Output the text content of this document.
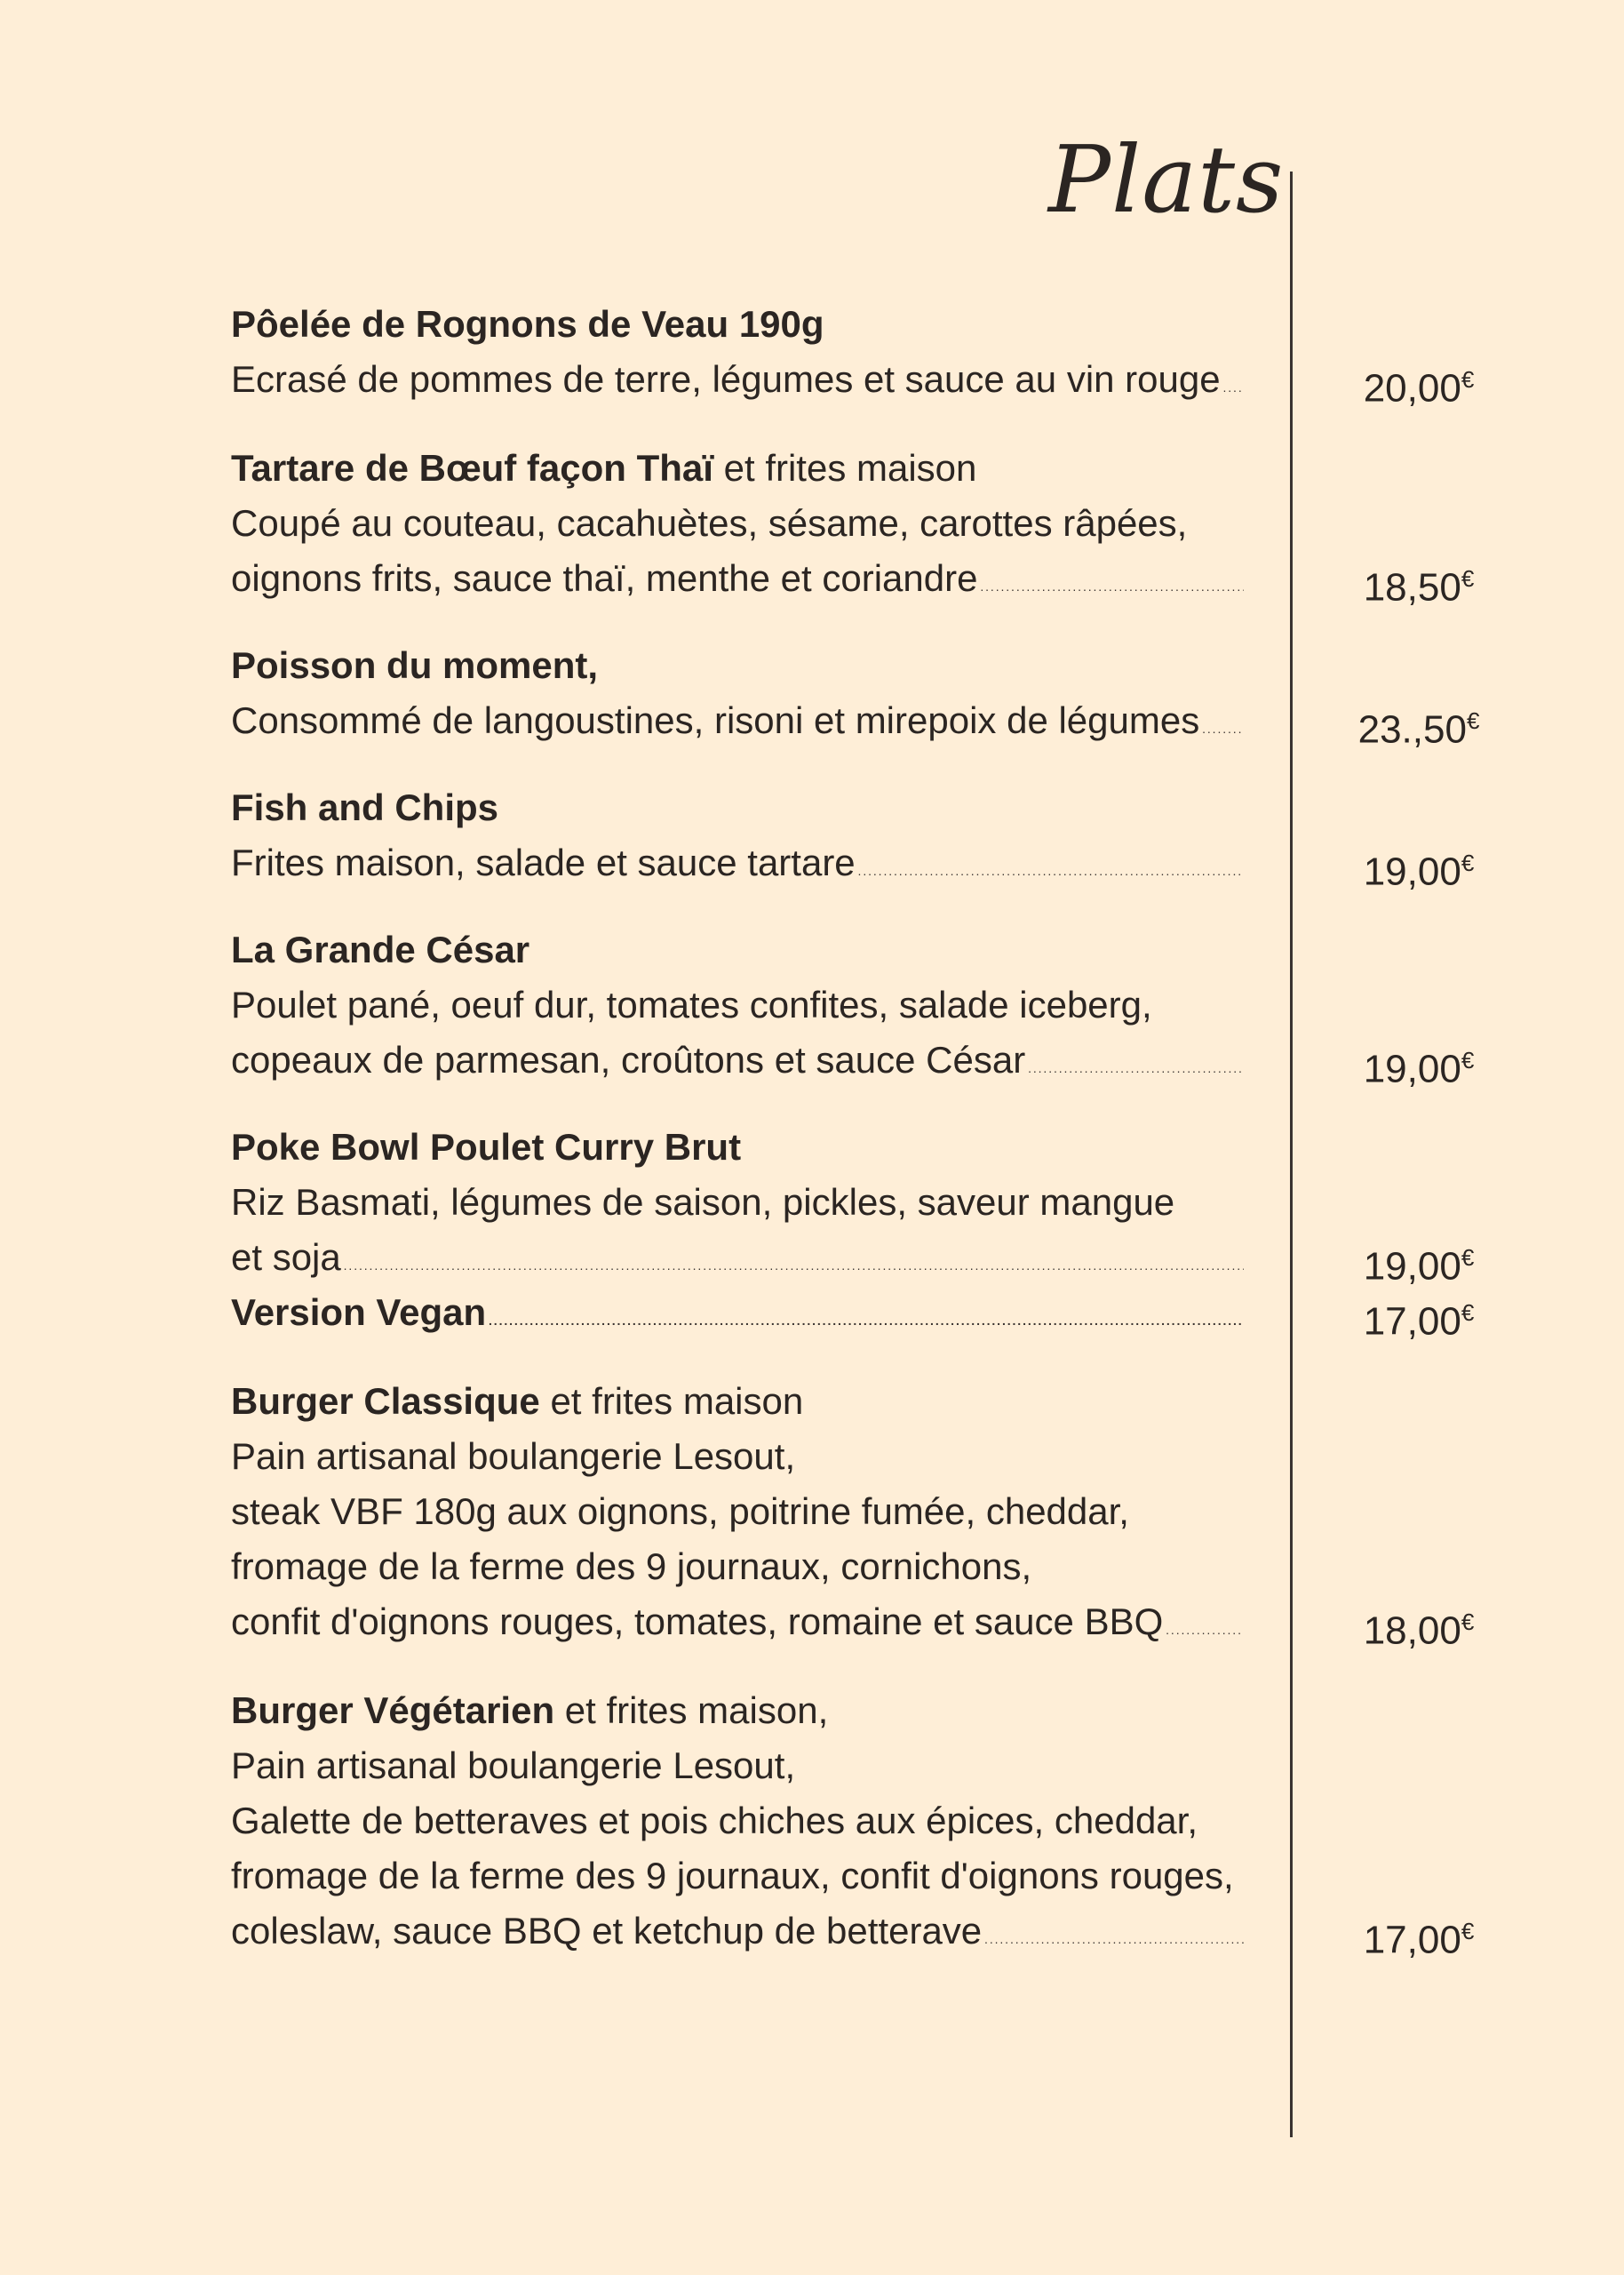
Plats
Pôelée de Rognons de Veau 190g
Ecrasé de pommes de terre, légumes et sauce au vin rouge . . .	20,00€
Tartare de Bœuf façon Thaï et frites maison
Coupé au couteau, cacahuètes, sésame, carottes râpées,
oignons frits, sauce thaï, menthe et coriandre . . .	18,50€
Poisson du moment,
Consommé de langoustines, risoni et mirepoix de légumes . . .	23.,50€
Fish and Chips
Frites maison, salade et sauce tartare . . .	19,00€
La Grande César
Poulet pané, oeuf dur, tomates confites, salade iceberg,
copeaux de parmesan, croûtons et sauce César . . .	19,00€
Poke Bowl Poulet Curry Brut
Riz Basmati, légumes de saison, pickles, saveur mangue
et soja . . .	19,00€
Version Vegan . . .	17,00€
Burger Classique et frites maison
Pain artisanal boulangerie Lesout,
steak VBF 180g aux oignons, poitrine fumée, cheddar,
fromage de la ferme des 9 journaux, cornichons,
confit d'oignons rouges, tomates, romaine et sauce BBQ . . .	18,00€
Burger Végétarien et frites maison,
Pain artisanal boulangerie Lesout,
Galette de betteraves et pois chiches aux épices, cheddar,
fromage de la ferme des 9 journaux, confit d'oignons rouges,
coleslaw, sauce BBQ et ketchup de betterave . . .	17,00€
